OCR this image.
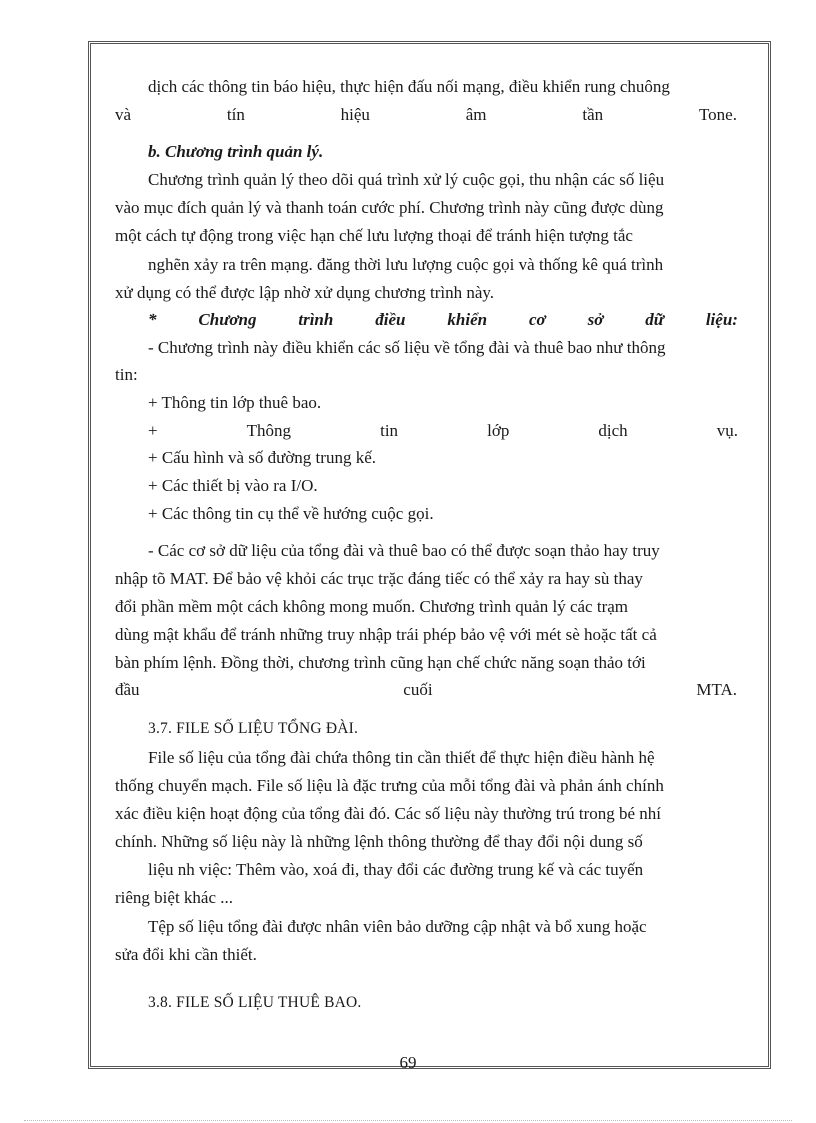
dịch các thông tin báo hiệu, thực hiện đấu nối mạng, điều khiển rung chuông
và	tín	hiệu	âm	tần	Tone.
b. Chương trình quản lý.
Chương trình quản lý theo dõi quá trình xử lý cuộc gọi, thu nhận các số liệu
vào mục đích quản lý và thanh toán cước phí. Chương trình này cũng được dùng
một cách tự động trong việc hạn chế lưu lượng thoại để tránh hiện tượng tắc
nghẽn xảy ra trên mạng. đăng thời lưu lượng cuộc gọi và thống kê quá trình
xử dụng có thể được lập nhờ xử dụng chương trình này.
* Chương trình điều khiển cơ sở dữ liệu:
- Chương trình này điều khiển các số liệu về tổng đài và thuê bao như thông
tin:
+ Thông tin lớp thuê bao.
+	Thông	tin	lớp	dịch	vụ.
+ Cấu hình và số đường trung kế.
+ Các thiết bị vào ra I/O.
+ Các thông tin cụ thể về hướng cuộc gọi.
- Các cơ sở dữ liệu của tổng đài và thuê bao có thể được soạn thảo hay truy
nhập tõ MAT. Để bảo vệ khỏi các trục trặc đáng tiếc có thể xảy ra hay sù thay
đổi phần mềm một cách không mong muốn. Chương trình quản lý các trạm
dùng mật khẩu để tránh những truy nhập trái phép bảo vệ với mét sè hoặc tất cả
bàn phím lệnh. Đồng thời, chương trình cũng hạn chế chức năng soạn thảo tới
đầu	cuối	MTA.
3.7. FILE SỐ LIỆU TỔNG ĐÀI.
File số liệu của tổng đài chứa thông tin cần thiết để thực hiện điều hành hệ
thống chuyển mạch. File số liệu là đặc trưng của mỗi tổng đài và phản ánh chính
xác điều kiện hoạt động của tổng đài đó. Các số liệu này thường trú trong bé nhí
chính. Những số liệu này là những lệnh thông thường để thay đổi nội dung số
liệu nh việc: Thêm vào, xoá đi, thay đổi các đường trung kế và các tuyến
riêng biệt khác ...
Tệp số liệu tổng đài được nhân viên bảo dưỡng cập nhật và bổ xung hoặc
sửa đổi khi cần thiết.
3.8. FILE SỐ LIỆU THUÊ BAO.
69
